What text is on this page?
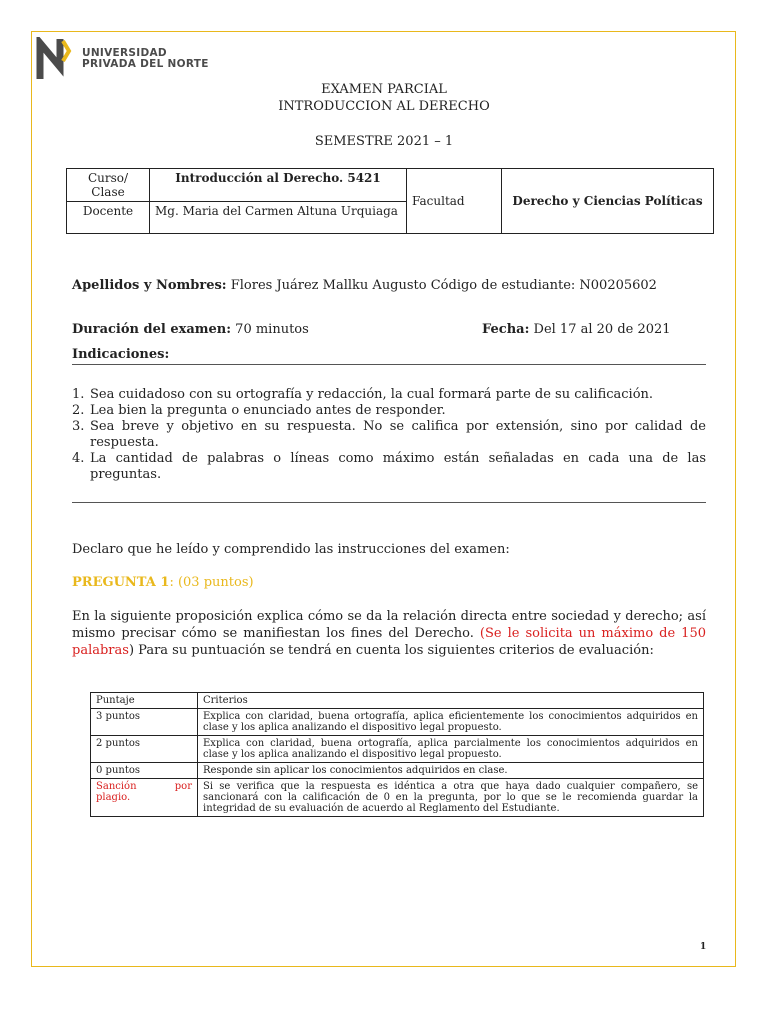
UNIVERSIDAD
PRIVADA DEL NORTE
EXAMEN PARCIAL
INTRODUCCION AL DERECHO
SEMESTRE 2021 – 1
Curso/ Clase	Introducción al Derecho. 5421	Facultad	Derecho y Ciencias Políticas
Docente	Mg. Maria del Carmen Altuna Urquiaga		
Apellidos y Nombres: Flores Juárez Mallku Augusto Código de estudiante: N00205602
Duración del examen: 70 minutos	Fecha: Del 17 al 20 de 2021
Indicaciones:
1. Sea cuidadoso con su ortografía y redacción, la cual formará parte de su calificación.
2. Lea bien la pregunta o enunciado antes de responder.
3. Sea breve y objetivo en su respuesta. No se califica por extensión, sino por calidad de respuesta.
4. La cantidad de palabras o líneas como máximo están señaladas en cada una de las preguntas.
Declaro que he leído y comprendido las instrucciones del examen:
PREGUNTA 1: (03 puntos)
En la siguiente proposición explica cómo se da la relación directa entre sociedad y derecho; así mismo precisar cómo se manifiestan los fines del Derecho. (Se le solicita un máximo de 150 palabras) Para su puntuación se tendrá en cuenta los siguientes criterios de evaluación:
Puntaje	Criterios
3 puntos	Explica con claridad, buena ortografía, aplica eficientemente los conocimientos adquiridos en clase y los aplica analizando el dispositivo legal propuesto.
2 puntos	Explica con claridad, buena ortografía, aplica parcialmente los conocimientos adquiridos en clase y los aplica analizando el dispositivo legal propuesto.
0 puntos	Responde sin aplicar los conocimientos adquiridos en clase.
Sanción por plagio.	Si se verifica que la respuesta es idéntica a otra que haya dado cualquier compañero, se sancionará con la calificación de 0 en la pregunta, por lo que se le recomienda guardar la integridad de su evaluación de acuerdo al Reglamento del Estudiante.
1
